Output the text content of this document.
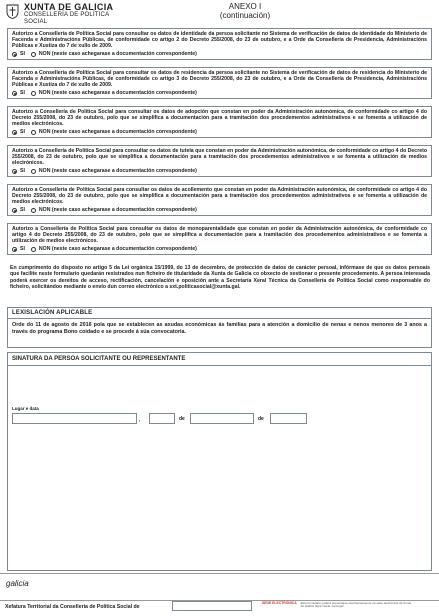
XUNTA DE GALICIA
CONSELLERÍA DE POLÍTICA
SOCIAL
ANEXO I
(continuación)
Autorizo a Consellería de Política Social para consultar os datos de identidade da persoa solicitante no Sistema de verificación de datos de identidade do Ministerio de Facenda e Administracións Públicas, de conformidade co artigo 2 do Decreto 255/2008, do 23 de outubro, e a Orde da Consellería de Presidencia, Administracións Públicas e Xustiza do 7 de xullo de 2009.
SI	NON (neste caso achegarase a documentación correspondente)
Autorizo a Consellería de Política Social para consultar os datos de residencia da persoa solicitante no Sistema de verificación de datos de residencia do Ministerio de Facenda e Administracións Públicas, de conformidade co artigo 3 do Decreto 255/2008, do 23 de outubro, e a Orde da Consellería de Presidencia, Administracións Públicas e Xustiza do 7 de xullo de 2009.
SI	NON (neste caso achegarase a documentación correspondente)
Autorizo a Consellería de Política Social para consultar os datos de adopción que constan en poder da Administración autonómica, de conformidade co artigo 4 do Decreto 255/2008, do 23 de outubro, polo que se simplifica a documentación para a tramitación dos procedementos administrativos e se fomenta a utilización de medios electrónicos.
SI	NON (neste caso achegarase a documentación correspondente)
Autorizo a Consellería de Política Social para consultar os datos de tutela que constan en poder da Administración autonómica, de conformidade co artigo 4 do Decreto 255/2008, do 23 de outubro, polo que se simplifica a documentación para a tramitación dos procedementos administrativos e se fomenta a utilización de medios electrónicos.
SI	NON (neste caso achegarase a documentación correspondente)
Autorizo a Consellería de Política Social para consultar os datos de acollemento que constan en poder da Administración autonómica, de conformidade co artigo 4 do Decreto 255/2008, do 23 de outubro, polo que se simplifica a documentación para a tramitación dos procedementos administrativos e se fomenta a utilización de medios electrónicos.
SI	NON (neste caso achegarase a documentación correspondente)
Autorizo a Consellería de Política Social para consultar os datos de monoparentalidade que constan en poder da Administración autonómica, de conformidade co artigo 4 do Decreto 255/2008, do 23 de outubro, polo que se simplifica a documentación para a tramitación dos procedementos administrativos e se fomenta a utilización de medios electrónicos.
SI	NON (neste caso achegarase a documentación correspondente)
En cumprimento do disposto no artigo 5 da Lei orgánica 15/1999, do 13 de decembro, de protección de datos de carácter persoal, infórmase de que os datos persoais que facilite neste formulario quedarán rexistrados nun ficheiro de titularidade da Xunta de Galicia co obxecto de xestionar o presente procedemento. A persoa interesada poderá exercer os dereitos de acceso, rectificación, cancelación e oposición ante a Secretaría Xeral Técnica da Consellería de Política Social como responsable do ficheiro, solicitándoo mediante o envío dun correo electrónico a sxt.politicasocial@xunta.gal.
LEXISLACIÓN APLICABLE
Orde do 11 de agosto de 2016 pola que se establecen as axudas económicas ás familias para a atención a domicilio de nenas e nenos menores de 3 anos a través do programa Bono coidado e se procede á súa convocatoria.
SINATURA DA PERSOA SOLICITANTE OU REPRESENTANTE
Lugar e data
,	de	de
galicia
Xefatura Territorial da Consellería de Política Social de
SEDE ELECTRÓNICA Este formulario poderá presentarse electrónicamente na sede electrónica da Xunta de Galicia https://sede.xunta.gal
